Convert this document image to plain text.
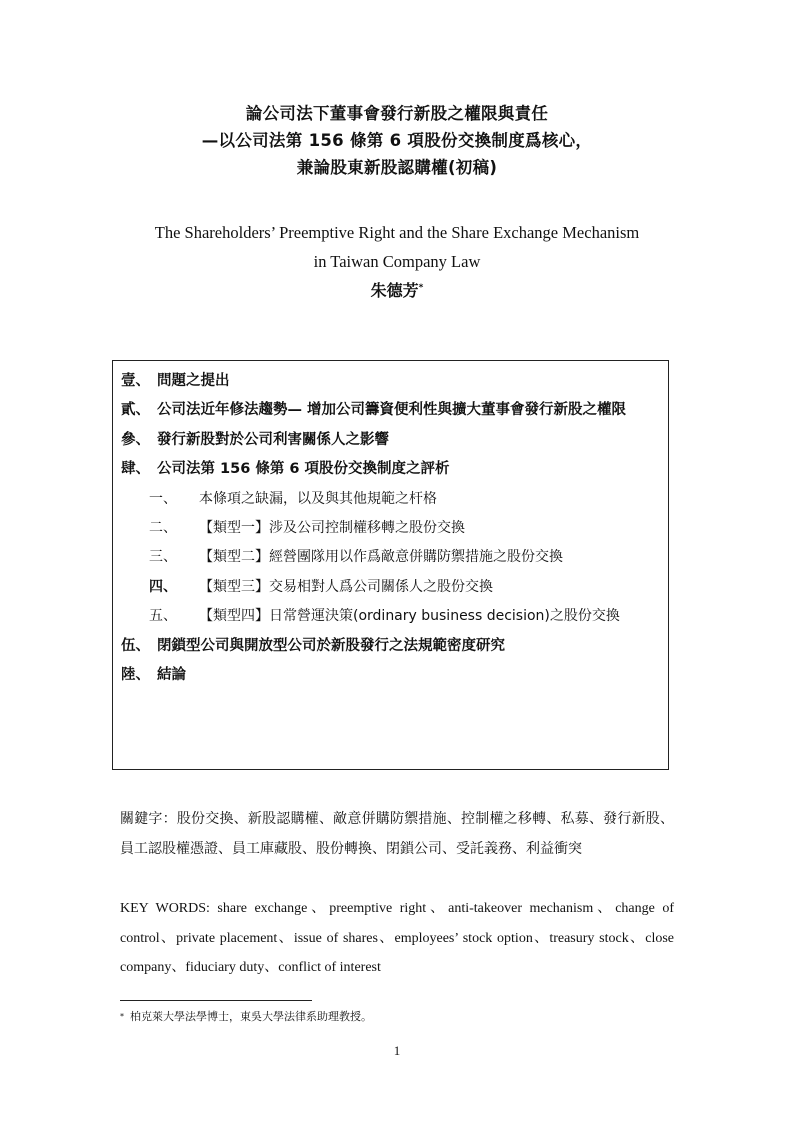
論公司法下董事會發行新股之權限與責任
—以公司法第 156 條第 6 項股份交換制度爲核心，
兼論股東新股認購權(初稿)
The Shareholders’ Preemptive Right and the Share Exchange Mechanism
in Taiwan Company Law
朱德芳*
壹、 問題之提出
貳、 公司法近年修法趨勢— 增加公司籌資便利性與擴大董事會發行新股之權限
參、 發行新股對於公司利害關係人之影響
肆、 公司法第 156 條第 6 項股份交換制度之評析
一、	本條項之缺漏，以及與其他規範之杆格
二、	【類型一】涉及公司控制權移轉之股份交換
三、	【類型二】經營團隊用以作爲敵意併購防禦措施之股份交換
四、	【類型三】交易相對人爲公司關係人之股份交換
五、	【類型四】日常營運決策(ordinary business decision)之股份交換
伍、 閉鎖型公司與開放型公司於新股發行之法規範密度研究
陸、 結論
關鍵字：股份交換、新股認購權、敵意併購防禦措施、控制權之移轉、私募、發行新股、員工認股權憑證、員工庫藏股、股份轉換、閉鎖公司、受託義務、利益衝突
KEY WORDS: share exchange、preemptive right、anti-takeover mechanism、change of control、private placement、issue of shares、employees’ stock option、treasury stock、close company、fiduciary duty、conflict of interest
* 柏克萊大學法學博士，東吳大學法律系助理教授。
1
